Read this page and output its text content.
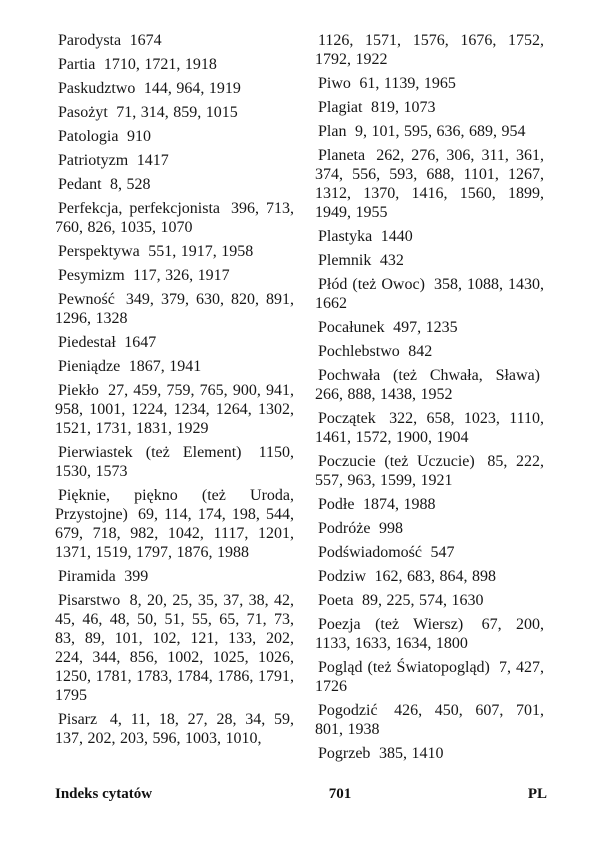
Parodysta 1674

Partia 1710, 1721, 1918

Paskudztwo 144, 964, 1919

Pasożyt 71, 314, 859, 1015

Patologia 910

Patriotyzm 1417

Pedant 8, 528

Perfekcja, perfekcjonista 396, 713, 760, 826, 1035, 1070

Perspektywa 551, 1917, 1958

Pesymizm 117, 326, 1917

Pewność 349, 379, 630, 820, 891, 1296, 1328

Piedestał 1647

Pieniądze 1867, 1941

Piekło 27, 459, 759, 765, 900, 941, 958, 1001, 1224, 1234, 1264, 1302, 1521, 1731, 1831, 1929

Pierwiastek (też Element) 1150, 1530, 1573

Pięknie, piękno (też Uroda, Przystojne) 69, 114, 174, 198, 544, 679, 718, 982, 1042, 1117, 1201, 1371, 1519, 1797, 1876, 1988

Piramida 399

Pisarstwo 8, 20, 25, 35, 37, 38, 42, 45, 46, 48, 50, 51, 55, 65, 71, 73, 83, 89, 101, 102, 121, 133, 202, 224, 344, 856, 1002, 1025, 1026, 1250, 1781, 1783, 1784, 1786, 1791, 1795

Pisarz 4, 11, 18, 27, 28, 34, 59, 137, 202, 203, 596, 1003, 1010,

1126, 1571, 1576, 1676, 1752, 1792, 1922

Piwo 61, 1139, 1965

Plagiat 819, 1073

Plan 9, 101, 595, 636, 689, 954

Planeta 262, 276, 306, 311, 361, 374, 556, 593, 688, 1101, 1267, 1312, 1370, 1416, 1560, 1899, 1949, 1955

Plastyka 1440

Plemnik 432

Płód (też Owoc) 358, 1088, 1430, 1662

Pocałunek 497, 1235

Pochlebstwo 842

Pochwała (też Chwała, Sława) 266, 888, 1438, 1952

Początek 322, 658, 1023, 1110, 1461, 1572, 1900, 1904

Poczucie (też Uczucie) 85, 222, 557, 963, 1599, 1921

Podłe 1874, 1988

Podróże 998

Podświadomość 547

Podziw 162, 683, 864, 898

Poeta 89, 225, 574, 1630

Poezja (też Wiersz) 67, 200, 1133, 1633, 1634, 1800

Pogląd (też Światopogląd) 7, 427, 1726

Pogodzić 426, 450, 607, 701, 801, 1938

Pogrzeb 385, 1410

Indeks cytatów	701	PL
